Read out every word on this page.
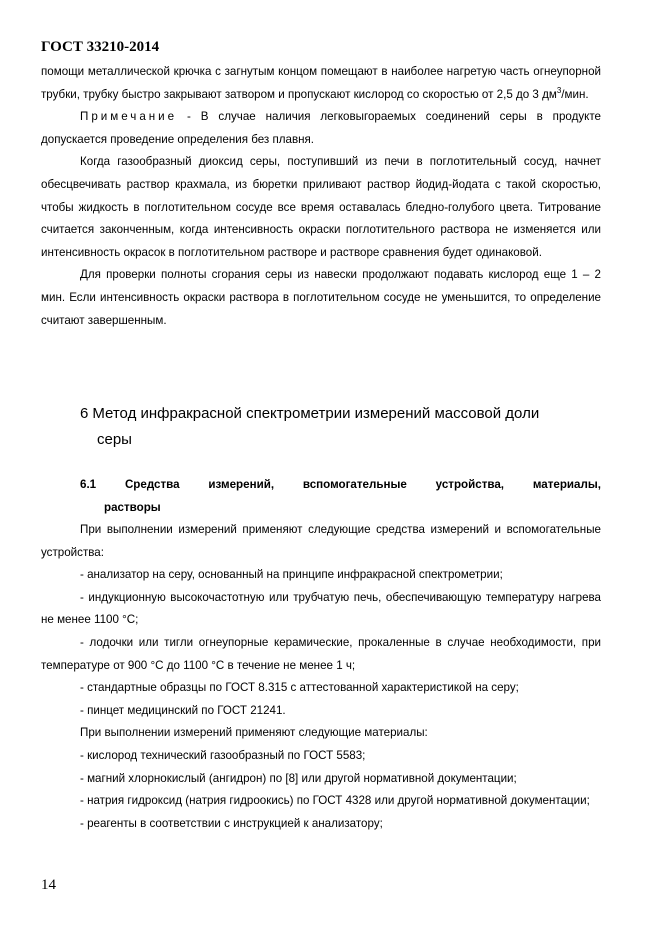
ГОСТ 33210-2014

помощи металлической крючка с загнутым концом помещают в наиболее нагретую часть огнеупорной трубки, трубку быстро закрывают затвором и пропускают кислород со скоростью от 2,5 до 3 $дм^3$/мин.

Примечание - В случае наличия легковыгораемых соединений серы в продукте допускается проведение определения без плавня.

Когда газообразный диоксид серы, поступивший из печи в поглотительный сосуд, начнет обесцвечивать раствор крахмала, из бюретки приливают раствор йодид-йодата с такой скоростью, чтобы жидкость в поглотительном сосуде все время оставалась бледно-голубого цвета. Титрование считается законченным, когда интенсивность окраски поглотительного раствора не изменяется или интенсивность окрасок в поглотительном растворе и растворе сравнения будет одинаковой.

Для проверки полноты сгорания серы из навески продолжают подавать кислород еще 1 – 2 мин. Если интенсивность окраски раствора в поглотительном сосуде не уменьшится, то определение считают завершенным.

6 Метод инфракрасной спектрометрии измерений массовой доли
серы
6.1 Средства измерений, вспомогательные устройства, материалы,
растворы

При выполнении измерений применяют следующие средства измерений и вспомогательные устройства:

- анализатор на серу, основанный на принципе инфракрасной спектрометрии;

- индукционную высокочастотную или трубчатую печь, обеспечивающую температуру нагрева не менее 1100 °С;

- лодочки или тигли огнеупорные керамические, прокаленные в случае необходимости, при температуре от 900 °С до 1100 °С в течение не менее 1 ч;

- стандартные образцы по ГОСТ 8.315 с аттестованной характеристикой на серу;

- пинцет медицинский по ГОСТ 21241.

При выполнении измерений применяют следующие материалы:

- кислород технический газообразный по ГОСТ 5583;

- магний хлорнокислый (ангидрон) по [8] или другой нормативной документации;

- натрия гидроксид (натрия гидроокись) по ГОСТ 4328 или другой нормативной документации;

- реагенты в соответствии с инструкцией к анализатору;

14
